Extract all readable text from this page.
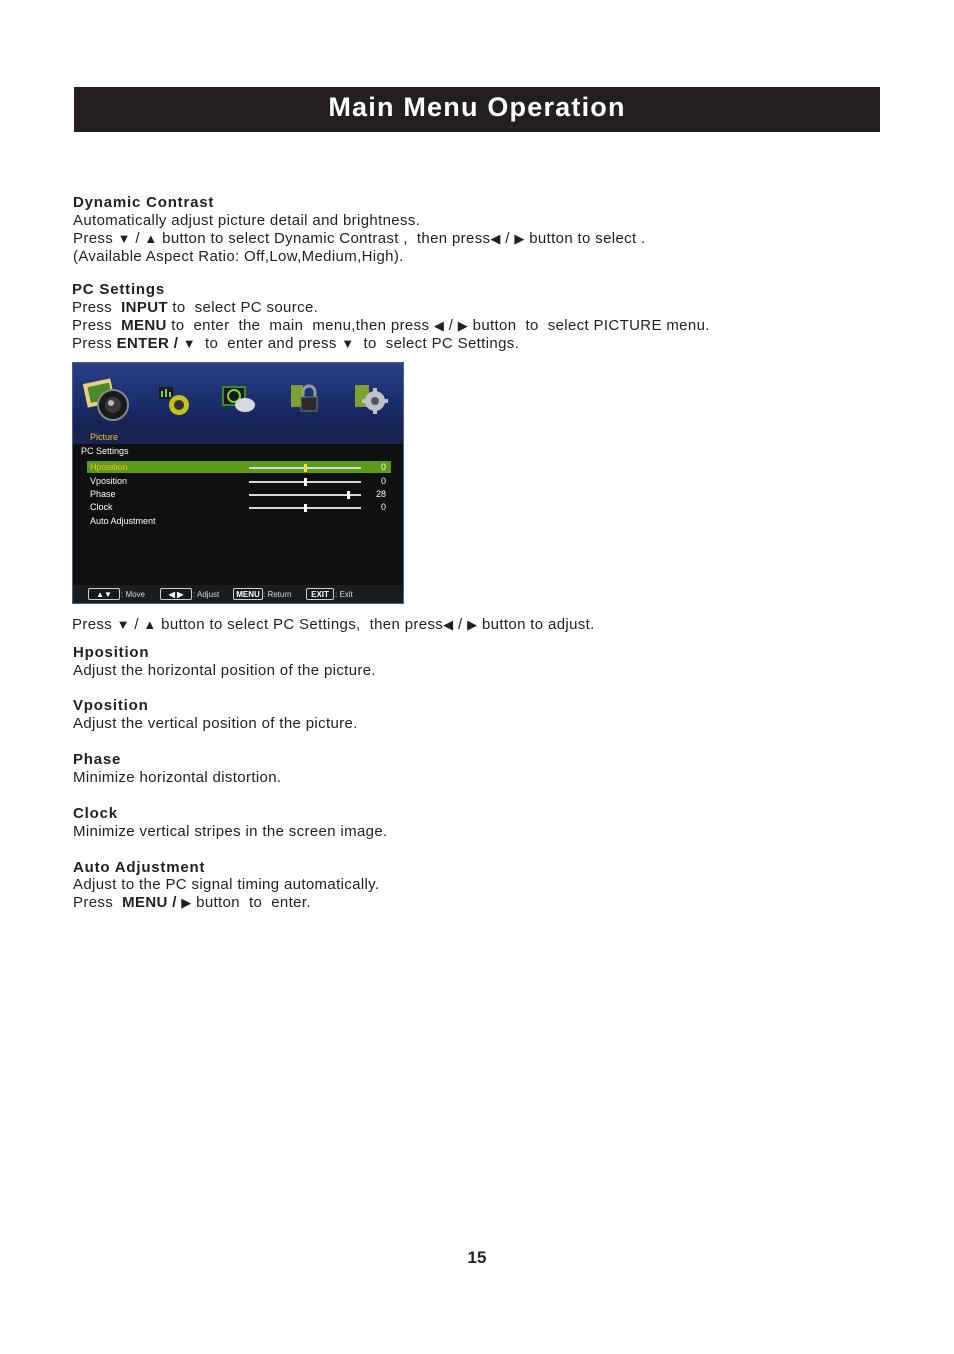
Main Menu Operation
Dynamic Contrast
Automatically adjust picture detail and brightness.
Press ▼ / ▲ button to select Dynamic Contrast ,  then press◀ / ▶ button to select .
(Available Aspect Ratio: Off,Low,Medium,High).
PC Settings
Press  INPUT to  select PC source.
Press  MENU to  enter  the  main  menu,then press ◀ / ▶ button  to  select PICTURE menu.
Press ENTER / ▼  to  enter and press ▼  to  select PC Settings.
Picture
PC Settings
Hposition	0
Vposition	0
Phase	28
Clock	0
Auto Adjustment
▲▼	: Move	◀ ▶	: Adjust	MENU : Return	EXIT : Exit
Press ▼ / ▲ button to select PC Settings,  then press◀ / ▶ button to adjust.
Hposition
Adjust the horizontal position of the picture.
Vposition
Adjust the vertical position of the picture.
Phase
Minimize horizontal distortion.
Clock
Minimize vertical stripes in the screen image.
Auto Adjustment
Adjust to the PC signal timing automatically.
Press  MENU / ▶ button  to  enter.
15
